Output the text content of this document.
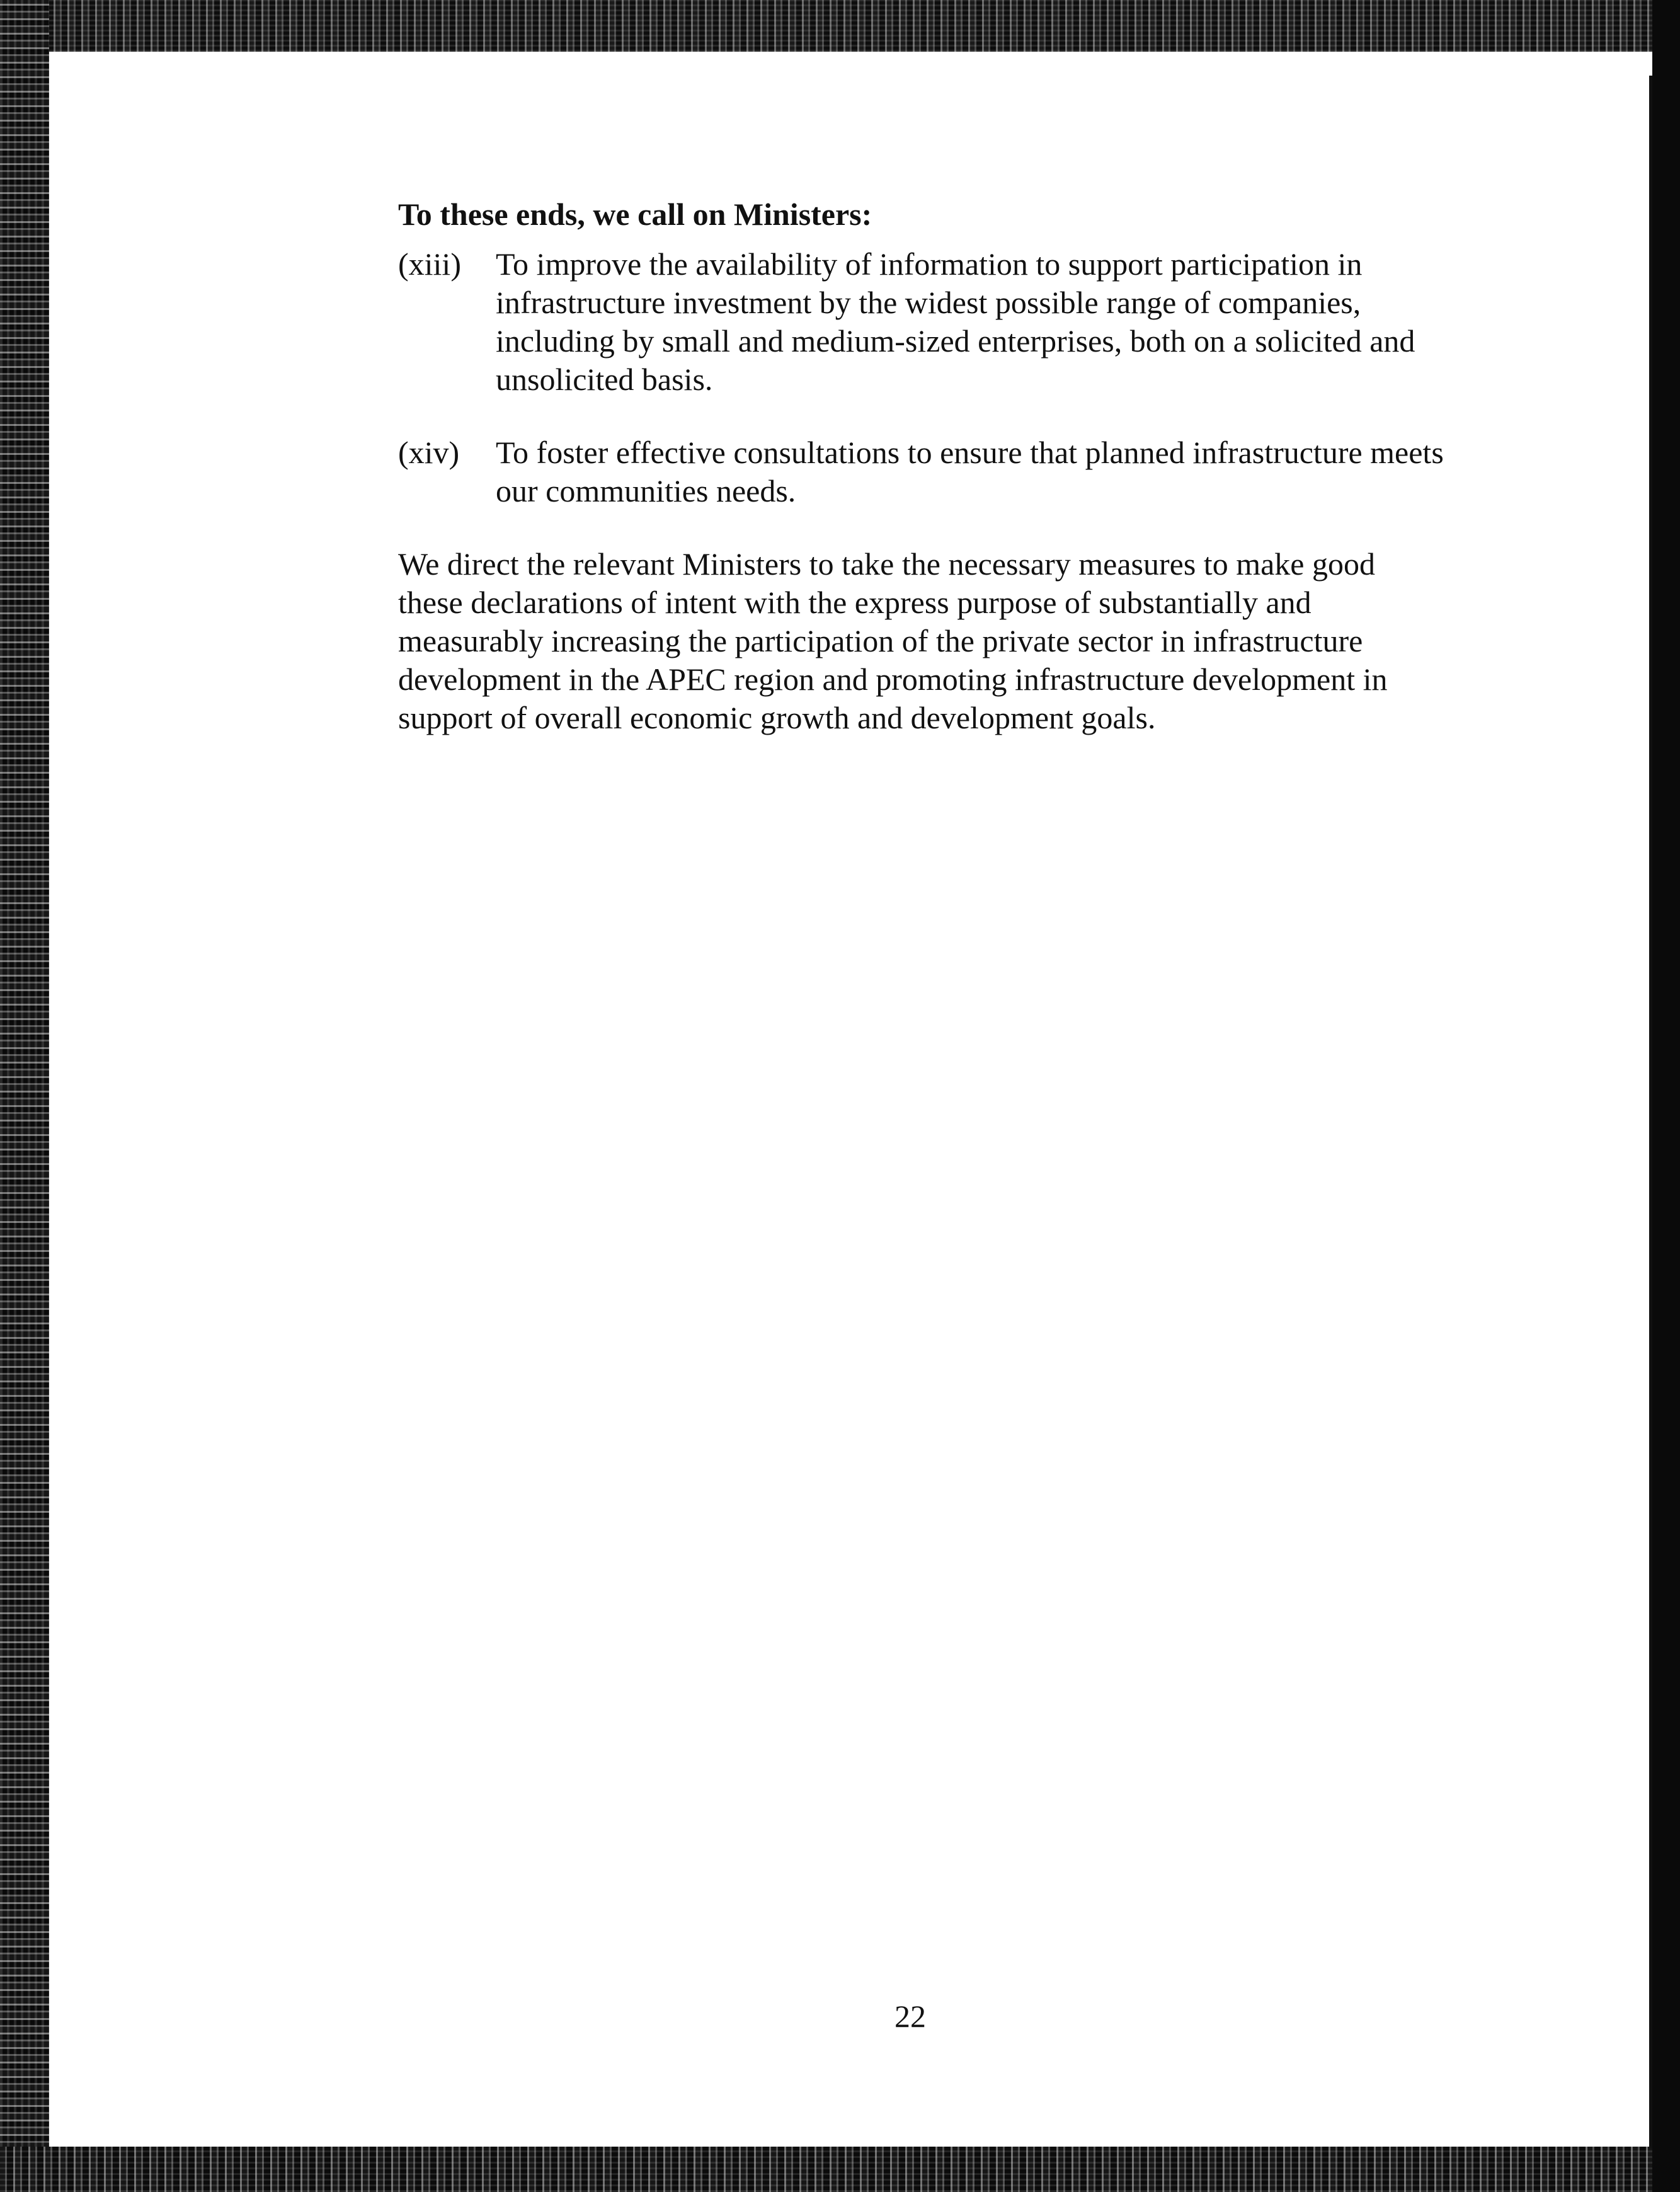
To these ends, we call on Ministers:

(xiii)	To improve the availability of information to support participation in infrastructure investment by the widest possible range of companies, including by small and medium-sized enterprises, both on a solicited and unsolicited basis.
(xiv)	To foster effective consultations to ensure that planned infrastructure meets our communities needs.

We direct the relevant Ministers to take the necessary measures to make good these declarations of intent with the express purpose of substantially and measurably increasing the participation of the private sector in infrastructure development in the APEC region and promoting infrastructure development in support of overall economic growth and development goals.

22
